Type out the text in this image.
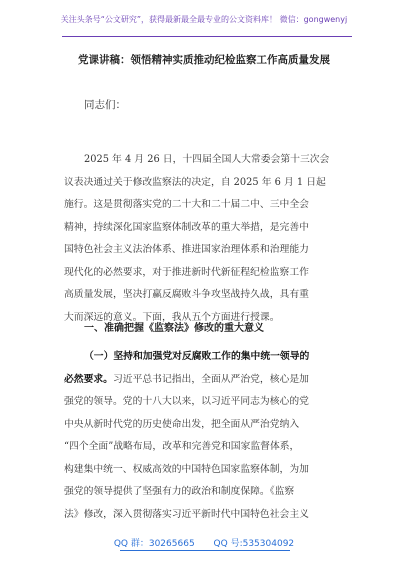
关注头条号“公文研究”，获得最新最全最专业的公文资料库！ 微信：gongwenyj
党课讲稿：领悟精神实质推动纪检监察工作高质量发展
同志们：
2025 年 4 月 26 日，十四届全国人大常委会第十三次会
议表决通过关于修改监察法的决定，自 2025 年 6 月 1 日起
施行。这是贯彻落实党的二十大和二十届二中、三中全会
精神，持续深化国家监察体制改革的重大举措，是完善中
国特色社会主义法治体系、推进国家治理体系和治理能力
现代化的必然要求，对于推进新时代新征程纪检监察工作
高质量发展，坚决打赢反腐败斗争攻坚战持久战，具有重
大而深远的意义。下面，我从五个方面进行授课。
一、准确把握《监察法》修改的重大意义
（一）坚持和加强党对反腐败工作的集中统一领导的
必然要求。习近平总书记指出，全面从严治党，核心是加
强党的领导。党的十八大以来，以习近平同志为核心的党
中央从新时代党的历史使命出发，把全面从严治党纳入
“四个全面”战略布局，改革和完善党和国家监督体系，
构建集中统一、权威高效的中国特色国家监察体制，为加
强党的领导提供了坚强有力的政治和制度保障。《监察
法》修改，深入贯彻落实习近平新时代中国特色社会主义
QQ 群：30265665 QQ 号:535304092
